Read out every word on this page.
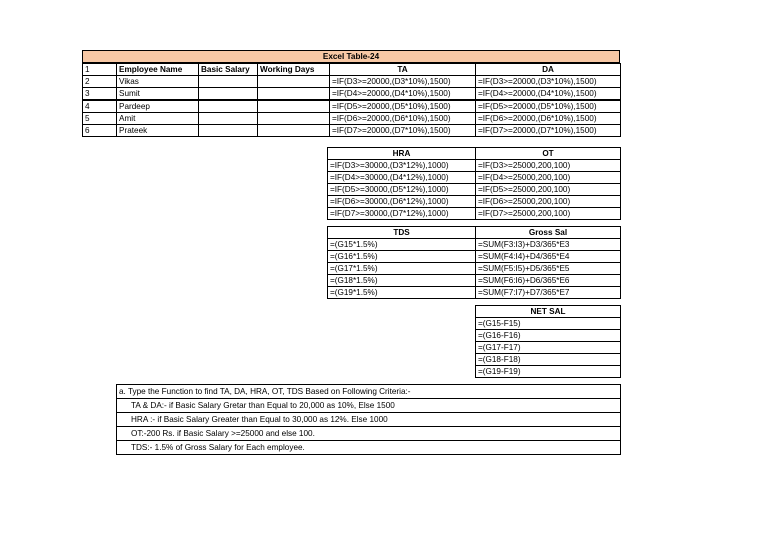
Excel Table-24
1	Employee Name	Basic Salary	Working Days	TA	DA
2	Vikas			=IF(D3>=20000,(D3*10%),1500)	=IF(D3>=20000,(D3*10%),1500)
3	Sumit			=IF(D4>=20000,(D4*10%),1500)	=IF(D4>=20000,(D4*10%),1500)
4	Pardeep			=IF(D5>=20000,(D5*10%),1500)	=IF(D5>=20000,(D5*10%),1500)
5	Amit			=IF(D6>=20000,(D6*10%),1500)	=IF(D6>=20000,(D6*10%),1500)
6	Prateek			=IF(D7>=20000,(D7*10%),1500)	=IF(D7>=20000,(D7*10%),1500)
HRA	OT
=IF(D3>=30000,(D3*12%),1000)	=IF(D3>=25000,200,100)
=IF(D4>=30000,(D4*12%),1000)	=IF(D4>=25000,200,100)
=IF(D5>=30000,(D5*12%),1000)	=IF(D5>=25000,200,100)
=IF(D6>=30000,(D6*12%),1000)	=IF(D6>=25000,200,100)
=IF(D7>=30000,(D7*12%),1000)	=IF(D7>=25000,200,100)
TDS	Gross Sal
=(G15*1.5%)	=SUM(F3:I3)+D3/365*E3
=(G16*1.5%)	=SUM(F4:I4)+D4/365*E4
=(G17*1.5%)	=SUM(F5:I5)+D5/365*E5
=(G18*1.5%)	=SUM(F6:I6)+D6/365*E6
=(G19*1.5%)	=SUM(F7:I7)+D7/365*E7
NET SAL
=(G15-F15)
=(G16-F16)
=(G17-F17)
=(G18-F18)
=(G19-F19)
a. Type the Function to find TA, DA, HRA, OT, TDS Based on Following Criteria:-
TA & DA:- if Basic Salary Gretar than Equal to 20,000 as 10%, Else 1500
HRA :- if Basic Salary Greater than Equal to 30,000 as 12%. Else 1000
OT:-200 Rs. if Basic Salary >=25000 and else 100.
TDS:- 1.5% of Gross Salary for Each employee.
